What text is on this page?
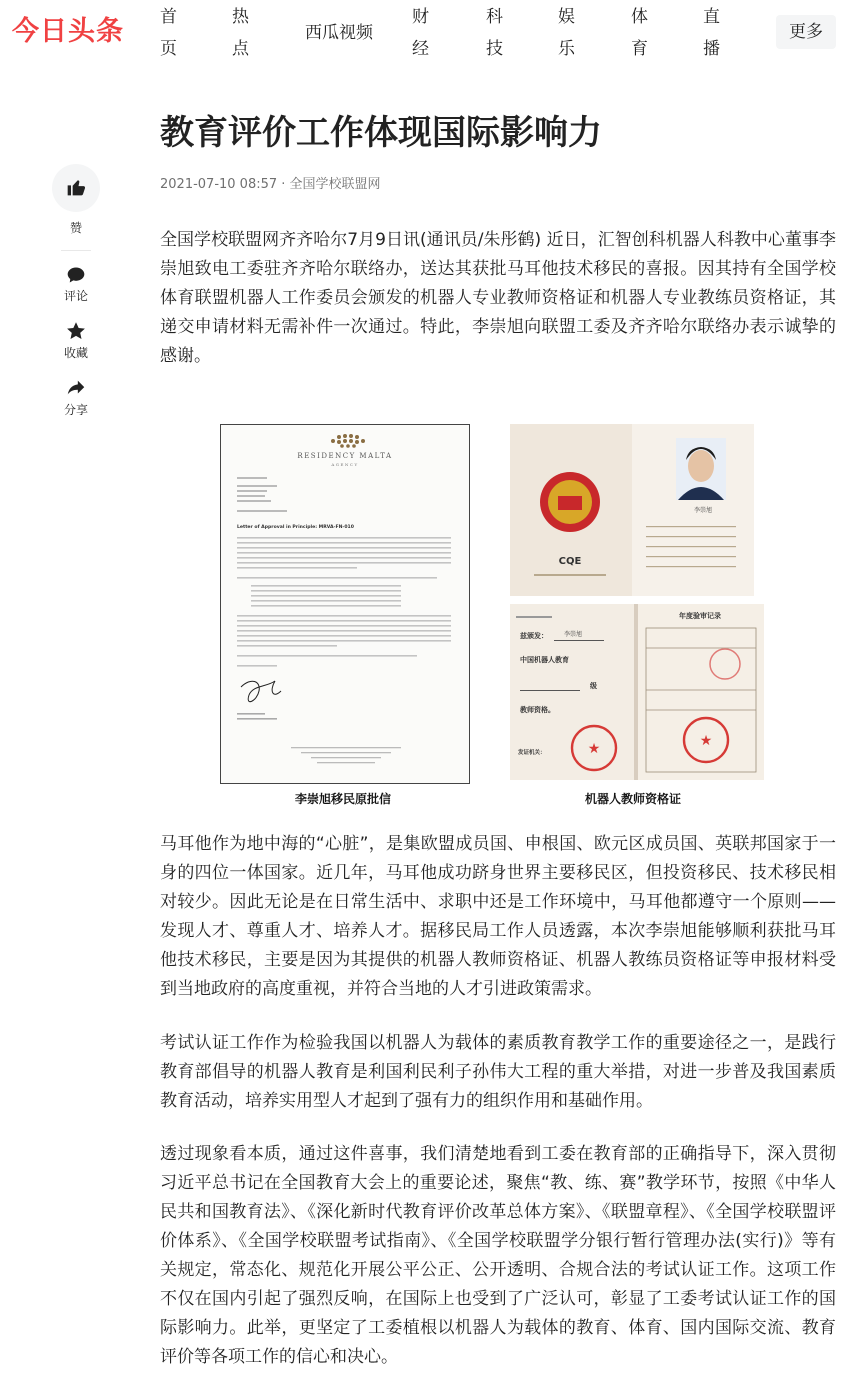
今日头条 首页
热点
西瓜视频
财经
科技
娱乐
体育
直播
更多
赞
评论
收藏
分享
教育评价工作体现国际影响力
2021-07-10 08:57 · 全国学校联盟网

全国学校联盟网齐齐哈尔7月9日讯(通讯员/朱彤鹤) 近日，汇智创科机器人科教中心董事李崇旭致电工委驻齐齐哈尔联络办，送达其获批马耳他技术移民的喜报。因其持有全国学校体育联盟机器人工作委员会颁发的机器人专业教师资格证和机器人专业教练员资格证，其递交申请材料无需补件一次通过。特此，李崇旭向联盟工委及齐齐哈尔联络办表示诚挚的感谢。

RESIDENCY MALTA
AGENCY
Letter of Approval in Principle: MRVA-FN-010
李崇旭移民原批信
CQE
李崇旭
兹颁发：	李崇旭
中国机器人教育
级
教师资格。
★
发证机关：
年度验审记录
★
机器人教师资格证

马耳他作为地中海的“心脏”，是集欧盟成员国、申根国、欧元区成员国、英联邦国家于一身的四位一体国家。近几年，马耳他成功跻身世界主要移民区，但投资移民、技术移民相对较少。因此无论是在日常生活中、求职中还是工作环境中，马耳他都遵守一个原则——发现人才、尊重人才、培养人才。据移民局工作人员透露，本次李崇旭能够顺利获批马耳他技术移民，主要是因为其提供的机器人教师资格证、机器人教练员资格证等申报材料受到当地政府的高度重视，并符合当地的人才引进政策需求。

考试认证工作作为检验我国以机器人为载体的素质教育教学工作的重要途径之一，是践行教育部倡导的机器人教育是利国利民利子孙伟大工程的重大举措，对进一步普及我国素质教育活动，培养实用型人才起到了强有力的组织作用和基础作用。

透过现象看本质，通过这件喜事，我们清楚地看到工委在教育部的正确指导下，深入贯彻习近平总书记在全国教育大会上的重要论述，聚焦“教、练、赛”教学环节，按照《中华人民共和国教育法》、《深化新时代教育评价改革总体方案》、《联盟章程》、《全国学校联盟评价体系》、《全国学校联盟考试指南》、《全国学校联盟学分银行暂行管理办法(实行)》等有关规定，常态化、规范化开展公平公正、公开透明、合规合法的考试认证工作。这项工作不仅在国内引起了强烈反响，在国际上也受到了广泛认可，彰显了工委考试认证工作的国际影响力。此举，更坚定了工委植根以机器人为载体的教育、体育、国内国际交流、教育评价等各项工作的信心和决心。
